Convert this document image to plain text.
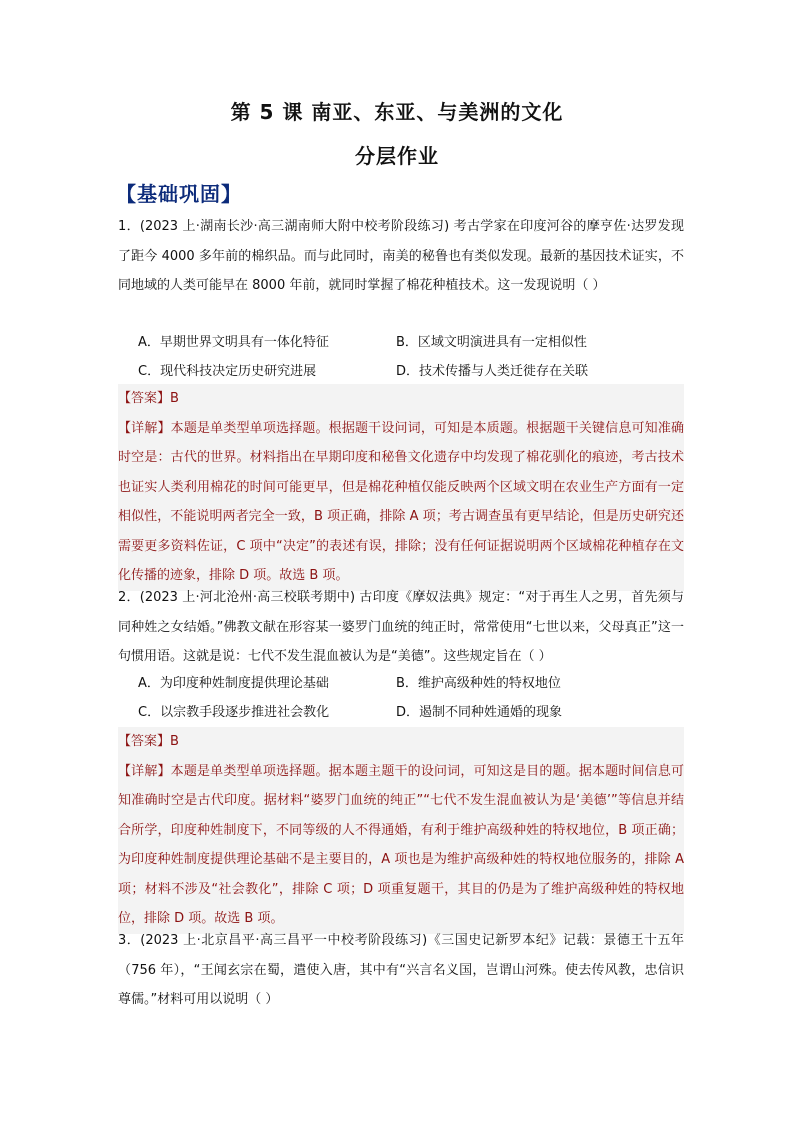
第 5 课 南亚、东亚、与美洲的文化
分层作业
【基础巩固】
1．(2023 上·湖南长沙·高三湖南师大附中校考阶段练习) 考古学家在印度河谷的摩亨佐·达罗发现了距今 4000 多年前的棉织品。而与此同时，南美的秘鲁也有类似发现。最新的基因技术证实，不同地域的人类可能早在 8000 年前，就同时掌握了棉花种植技术。这一发现说明（ ）
A．早期世界文明具有一体化特征	B．区域文明演进具有一定相似性
C．现代科技决定历史研究进展	D．技术传播与人类迁徙存在关联

【答案】B

【详解】本题是单类型单项选择题。根据题干设问词，可知是本质题。根据题干关键信息可知准确时空是：古代的世界。材料指出在早期印度和秘鲁文化遗存中均发现了棉花驯化的痕迹，考古技术也证实人类利用棉花的时间可能更早，但是棉花种植仅能反映两个区域文明在农业生产方面有一定相似性，不能说明两者完全一致，B 项正确，排除 A 项；考古调查虽有更早结论，但是历史研究还需要更多资料佐证，C 项中“决定”的表述有误，排除；没有任何证据说明两个区域棉花种植存在文化传播的迹象，排除 D 项。故选 B 项。

2．(2023 上·河北沧州·高三校联考期中) 古印度《摩奴法典》规定：“对于再生人之男，首先须与同种姓之女结婚。”佛教文献在形容某一婆罗门血统的纯正时，常常使用“七世以来，父母真正”这一句惯用语。这就是说：七代不发生混血被认为是“美德”。这些规定旨在（ ）
A．为印度种姓制度提供理论基础	B．维护高级种姓的特权地位
C．以宗教手段逐步推进社会教化	D．遏制不同种姓通婚的现象

【答案】B

【详解】本题是单类型单项选择题。据本题主题干的设问词，可知这是目的题。据本题时间信息可知准确时空是古代印度。据材料“婆罗门血统的纯正”“七代不发生混血被认为是‘美德’”等信息并结合所学，印度种姓制度下，不同等级的人不得通婚，有利于维护高级种姓的特权地位，B 项正确；为印度种姓制度提供理论基础不是主要目的，A 项也是为维护高级种姓的特权地位服务的，排除 A 项；材料不涉及“社会教化”，排除 C 项；D 项重复题干，其目的仍是为了维护高级种姓的特权地位，排除 D 项。故选 B 项。

3．(2023 上·北京昌平·高三昌平一中校考阶段练习)《三国史记新罗本纪》记载：景德王十五年（756 年），“王闻玄宗在蜀，遣使入唐，其中有“兴言名义国，岂谓山河殊。使去传风教，忠信识尊儒。”材料可用以说明（ ）
